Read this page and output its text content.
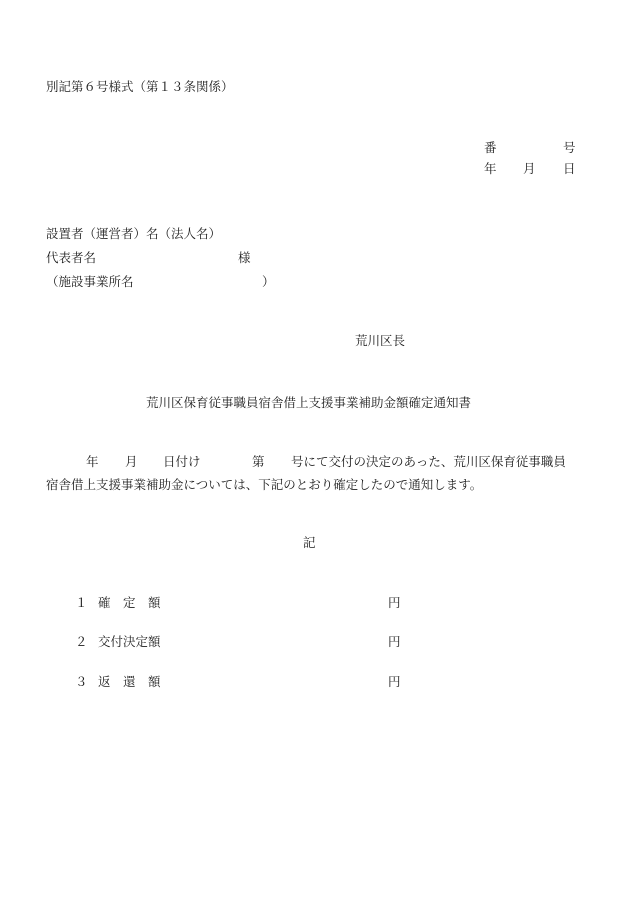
別記第６号様式（第１３条関係）
番	号
年 月 日
設置者（運営者）名（法人名）
代表者名	様
（施設事業所名	）
荒川区長
荒川区保育従事職員宿舎借上支援事業補助金額確定通知書
年 月 日付け	第 号にて交付の決定のあった、荒川区保育従事職員
宿舎借上支援事業補助金については、下記のとおり確定したので通知します。
記
１ 確　定　額	円
２ 交付決定額	円
３ 返　還　額	円
